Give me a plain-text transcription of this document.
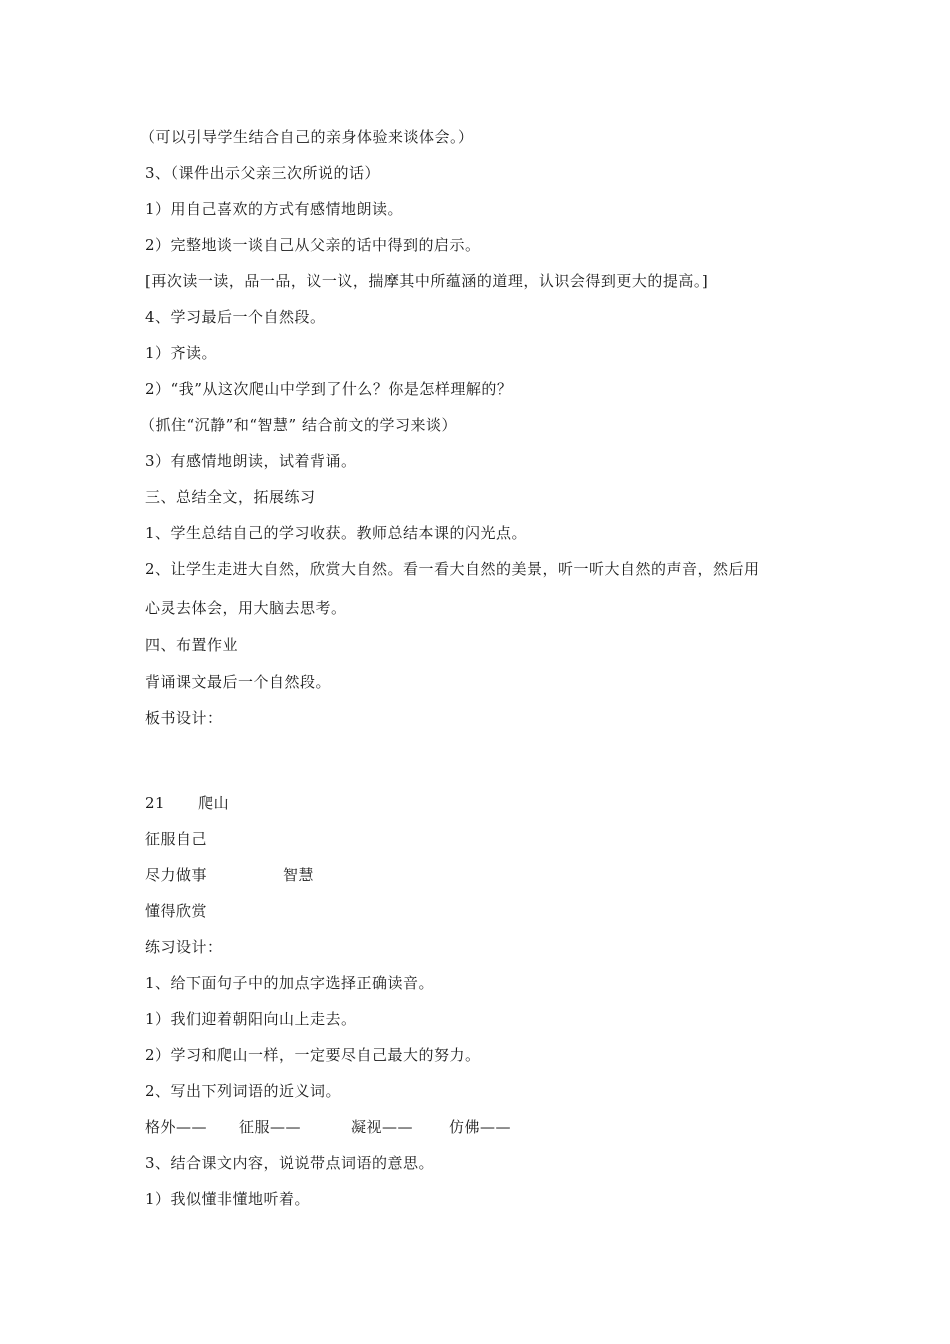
（可以引导学生结合自己的亲身体验来谈体会。）
3、（课件出示父亲三次所说的话）
1）用自己喜欢的方式有感情地朗读。
2）完整地谈一谈自己从父亲的话中得到的启示。
[再次读一读，品一品，议一议，揣摩其中所蕴涵的道理，认识会得到更大的提高。]
4、学习最后一个自然段。
1）齐读。
2）“我”从这次爬山中学到了什么？你是怎样理解的？
（抓住“沉静”和“智慧” 结合前文的学习来谈）
3）有感情地朗读，试着背诵。
三、总结全文，拓展练习
1、学生总结自己的学习收获。教师总结本课的闪光点。
2、让学生走进大自然，欣赏大自然。看一看大自然的美景，听一听大自然的声音，然后用
心灵去体会，用大脑去思考。
四、布置作业
背诵课文最后一个自然段。
板书设计：
21 爬山
征服自己
尽力做事	智慧
懂得欣赏
练习设计：
1、给下面句子中的加点字选择正确读音。
1）我们迎着朝阳向山上走去。
2）学习和爬山一样，一定要尽自己最大的努力。
2、写出下列词语的近义词。
格外—— 征服——	凝视—— 仿佛——
3、结合课文内容，说说带点词语的意思。
1）我似懂非懂地听着。
